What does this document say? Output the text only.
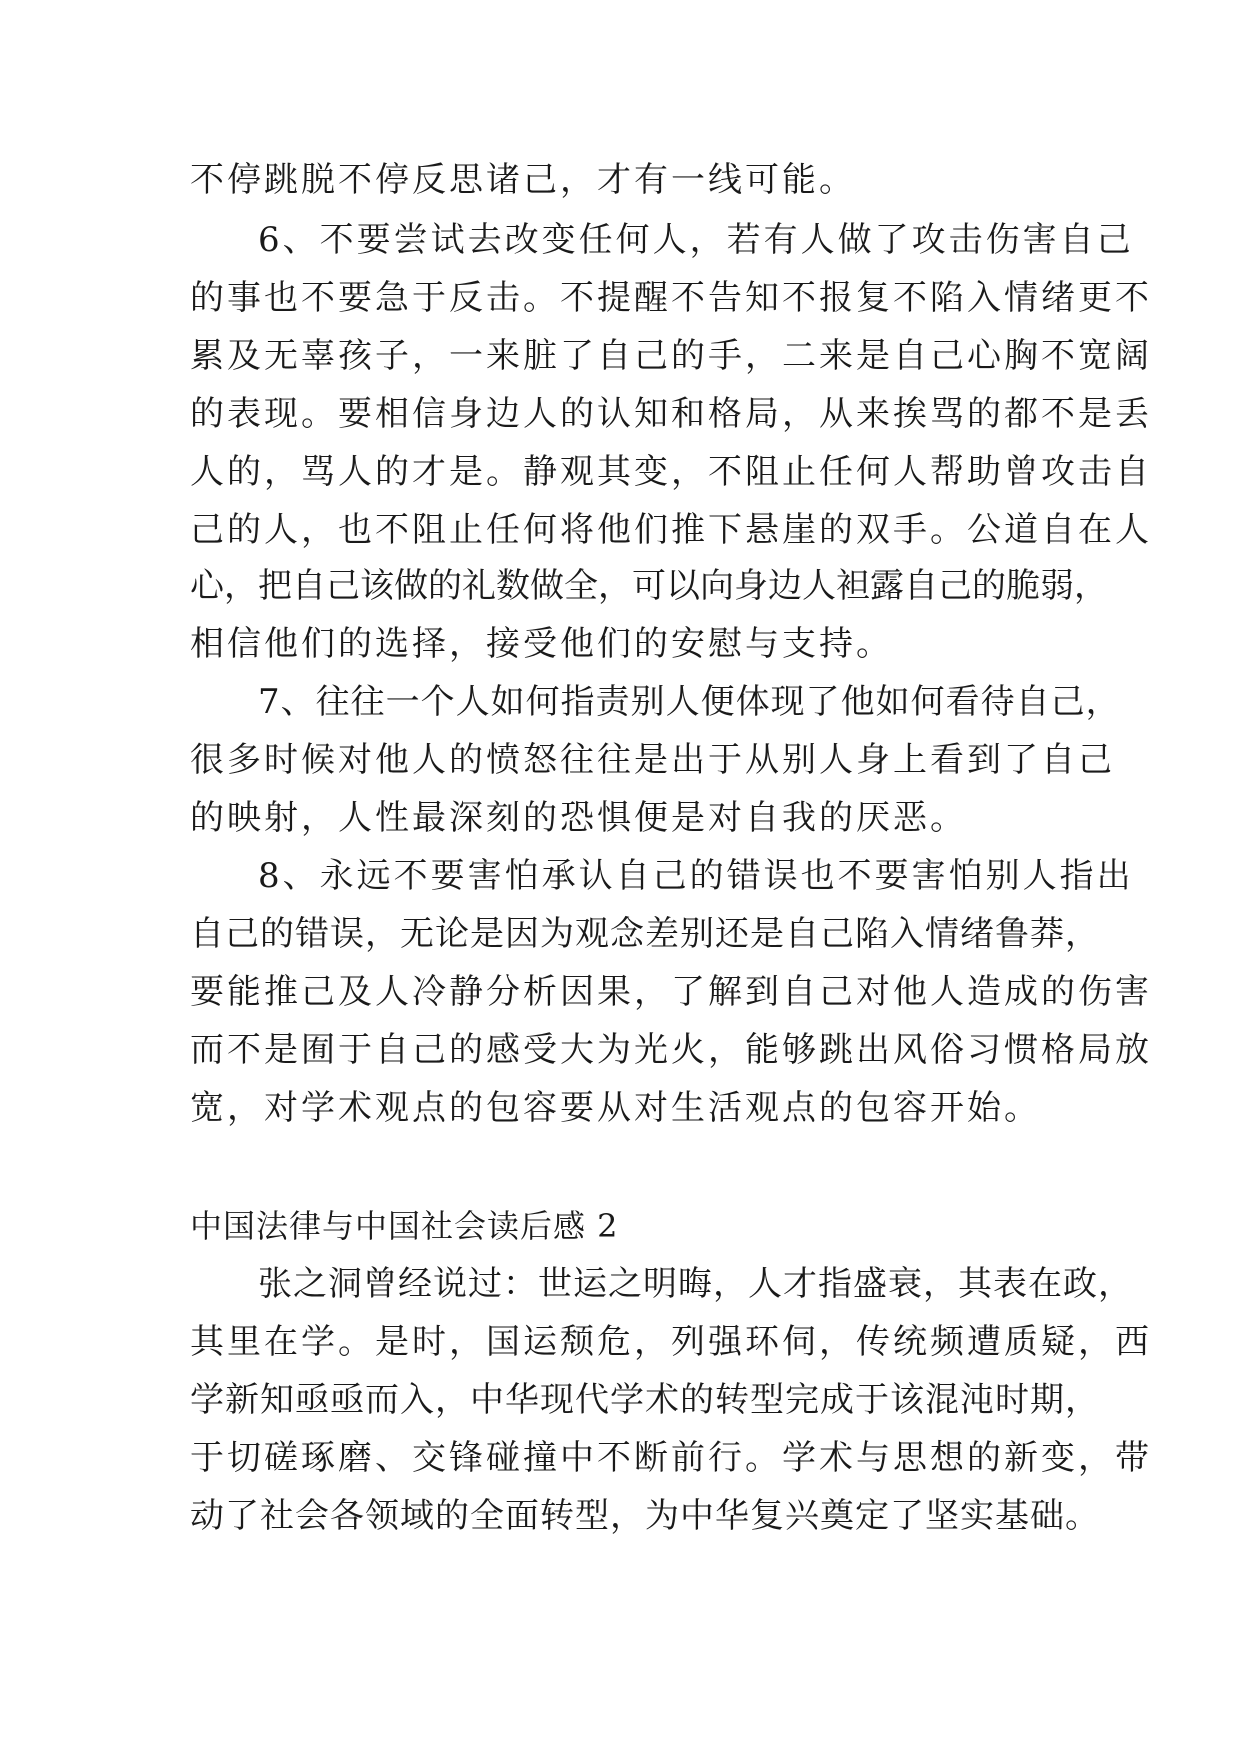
不停跳脱不停反思诸己，才有一线可能。
6、不要尝试去改变任何人，若有人做了攻击伤害自己
的事也不要急于反击。不提醒不告知不报复不陷入情绪更不
累及无辜孩子，一来脏了自己的手，二来是自己心胸不宽阔
的表现。要相信身边人的认知和格局，从来挨骂的都不是丢
人的，骂人的才是。静观其变，不阻止任何人帮助曾攻击自
己的人，也不阻止任何将他们推下悬崖的双手。公道自在人
心，把自己该做的礼数做全，可以向身边人袒露自己的脆弱，
相信他们的选择，接受他们的安慰与支持。
7、往往一个人如何指责别人便体现了他如何看待自己，
很多时候对他人的愤怒往往是出于从别人身上看到了自己
的映射，人性最深刻的恐惧便是对自我的厌恶。
8、永远不要害怕承认自己的错误也不要害怕别人指出
自己的错误，无论是因为观念差别还是自己陷入情绪鲁莽，
要能推己及人冷静分析因果，了解到自己对他人造成的伤害
而不是囿于自己的感受大为光火，能够跳出风俗习惯格局放
宽，对学术观点的包容要从对生活观点的包容开始。
中国法律与中国社会读后感 2
张之洞曾经说过：世运之明晦，人才指盛衰，其表在政，
其里在学。是时，国运颓危，列强环伺，传统频遭质疑，西
学新知亟亟而入，中华现代学术的转型完成于该混沌时期，
于切磋琢磨、交锋碰撞中不断前行。学术与思想的新变，带
动了社会各领域的全面转型，为中华复兴奠定了坚实基础。
